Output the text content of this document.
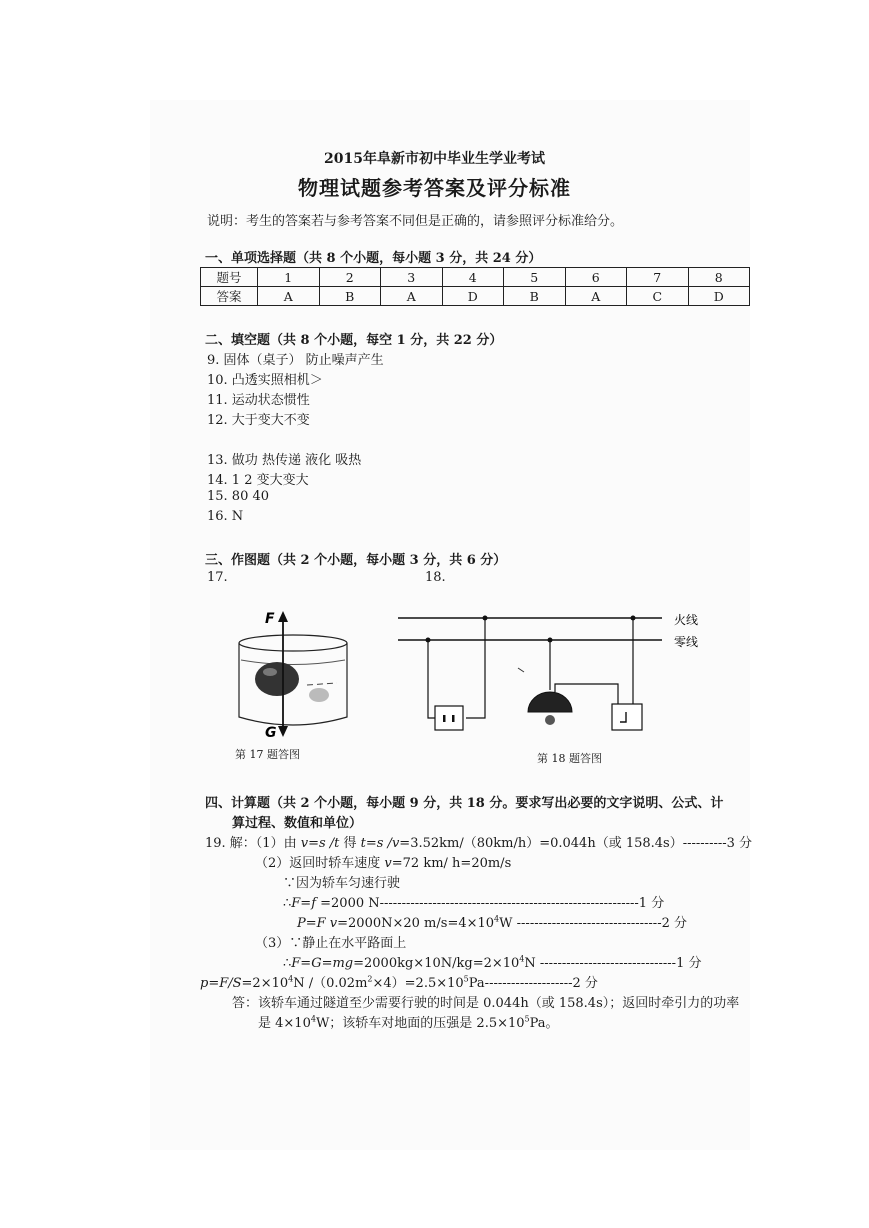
2015年阜新市初中毕业生学业考试
物理试题参考答案及评分标准
说明：考生的答案若与参考答案不同但是正确的，请参照评分标准给分。
一、单项选择题（共 8 个小题，每小题 3 分，共 24 分）
题号	1	2	3	4	5	6	7	8
答案	A	B	A	D	B	A	C	D
二、填空题（共 8 个小题，每空 1 分，共 22 分）
9. 固体（桌子） 防止噪声产生
10. 凸透实照相机＞
11. 运动状态惯性
12. 大于变大不变
13. 做功 热传递 液化 吸热
14. 1 2 变大变大
15. 80 40
16. N
三、作图题（共 2 个小题，每小题 3 分，共 6 分）
17.	18.
F
G
第 17 题答图
火线
零线
第 18 题答图
四、计算题（共 2 个小题，每小题 9 分，共 18 分。要求写出必要的文字说明、公式、计
算过程、数值和单位）
19. 解：（1）由 v=s /t 得 t=s /v=3.52km/（80km/h）=0.044h（或 158.4s）----------3 分
（2）返回时轿车速度 v=72 km/ h=20m/s
∵因为轿车匀速行驶
∴F=f =2000 N-----------------------------------------------------------1 分
P=F v=2000N×20 $m/s=4\times 10^4W$ ---------------------------------2 分
（3）∵静止在水平路面上
$\therefore F=G=mg=2000kg\times 10N/kg=2\times 10^4N$ -------------------------------1 分
$p=F/S=2\times 10^4N$ $/(0.02m^2\times 4)=2.5\times 10^5Pa--------------------2$ 分
答：该轿车通过隧道至少需要行驶的时间是 0.044h（或 158.4s）；返回时牵引力的功率
是 $4\times 10^4W$；该轿车对地面的压强是 $2.5\times 10^5Pa$。
